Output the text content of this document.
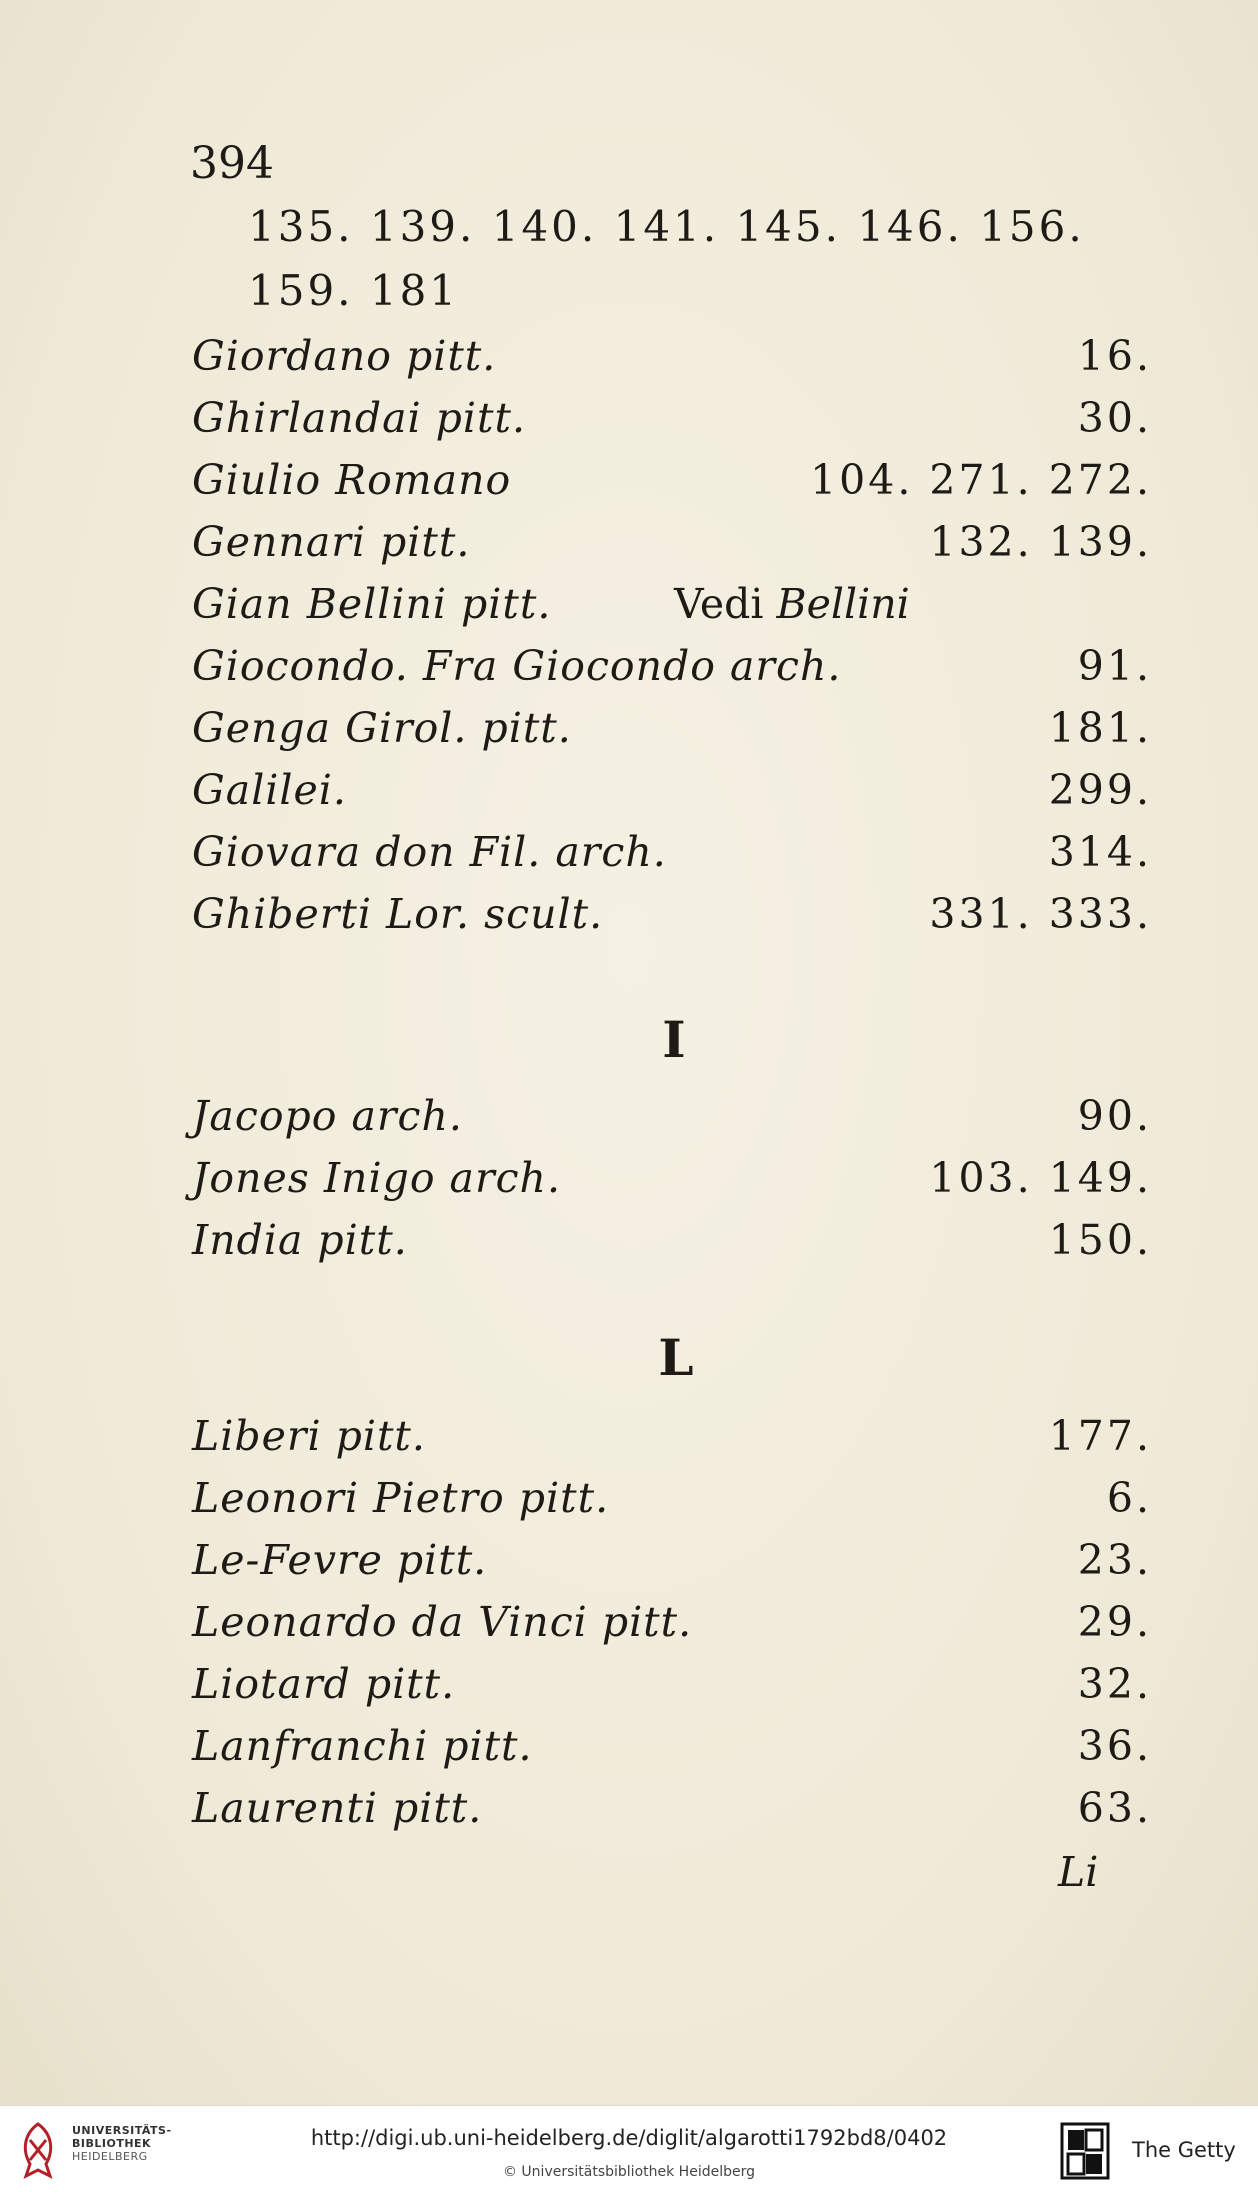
394
135. 139. 140. 141. 145. 146. 156.
159. 181
Giordano pitt.	16.
Ghirlandai pitt.	30.
Giulio Romano	104. 271. 272.
Gennari pitt.	132. 139.
Gian Bellini pitt.	Vedi Bellini
Giocondo. Fra Giocondo arch.	91.
Genga Girol. pitt.	181.
Galilei.	299.
Giovara don Fil. arch.	314.
Ghiberti Lor. scult.	331. 333.
I
Jacopo arch.	90.
Jones Inigo arch.	103. 149.
India pitt.	150.
L
Liberi pitt.	177.
Leonori Pietro pitt.	6.
Le-Fevre pitt.	23.
Leonardo da Vinci pitt.	29.
Liotard pitt.	32.
Lanfranchi pitt.	36.
Laurenti pitt.	63.
Li
UNIVERSITÄTS-
BIBLIOTHEK
HEIDELBERG
http://digi.ub.uni-heidelberg.de/diglit/algarotti1792bd8/0402
© Universitätsbibliothek Heidelberg
The Getty
